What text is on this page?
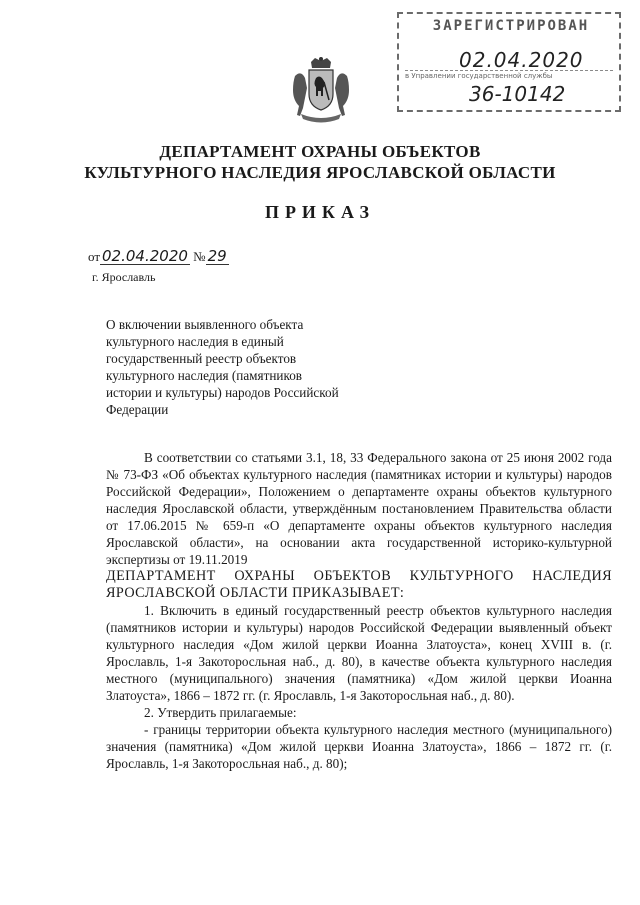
ЗАРЕГИСТРИРОВАН
02.04.2020
в Управлении государственной службы
36-10142
ДЕПАРТАМЕНТ ОХРАНЫ ОБЪЕКТОВ
КУЛЬТУРНОГО НАСЛЕДИЯ ЯРОСЛАВСКОЙ ОБЛАСТИ
ПРИКАЗ
от 02.04.2020 № 29
г. Ярославль
О включении выявленного объекта культурного наследия в единый государственный реестр объектов культурного наследия (памятников истории и культуры) народов Российской Федерации

В соответствии со статьями 3.1, 18, 33 Федерального закона от 25 июня 2002 года № 73-ФЗ «Об объектах культурного наследия (памятниках истории и культуры) народов Российской Федерации», Положением о департаменте охраны объектов культурного наследия Ярославской области, утверждённым постановлением Правительства области от 17.06.2015 № 659-п «О департаменте охраны объектов культурного наследия Ярославской области», на основании акта государственной историко-культурной экспертизы от 19.11.2019

ДЕПАРТАМЕНТ ОХРАНЫ ОБЪЕКТОВ КУЛЬТУРНОГО НАСЛЕДИЯ ЯРОСЛАВСКОЙ ОБЛАСТИ ПРИКАЗЫВАЕТ:

1. Включить в единый государственный реестр объектов культурного наследия (памятников истории и культуры) народов Российской Федерации выявленный объект культурного наследия «Дом жилой церкви Иоанна Златоуста», конец XVIII в. (г. Ярославль, 1-я Закоторосльная наб., д. 80), в качестве объекта культурного наследия местного (муниципального) значения (памятника) «Дом жилой церкви Иоанна Златоуста», 1866 – 1872 гг. (г. Ярославль, 1-я Закоторосльная наб., д. 80).

2. Утвердить прилагаемые:

- границы территории объекта культурного наследия местного (муниципального) значения (памятника) «Дом жилой церкви Иоанна Златоуста», 1866 – 1872 гг. (г. Ярославль, 1-я Закоторосльная наб., д. 80);
